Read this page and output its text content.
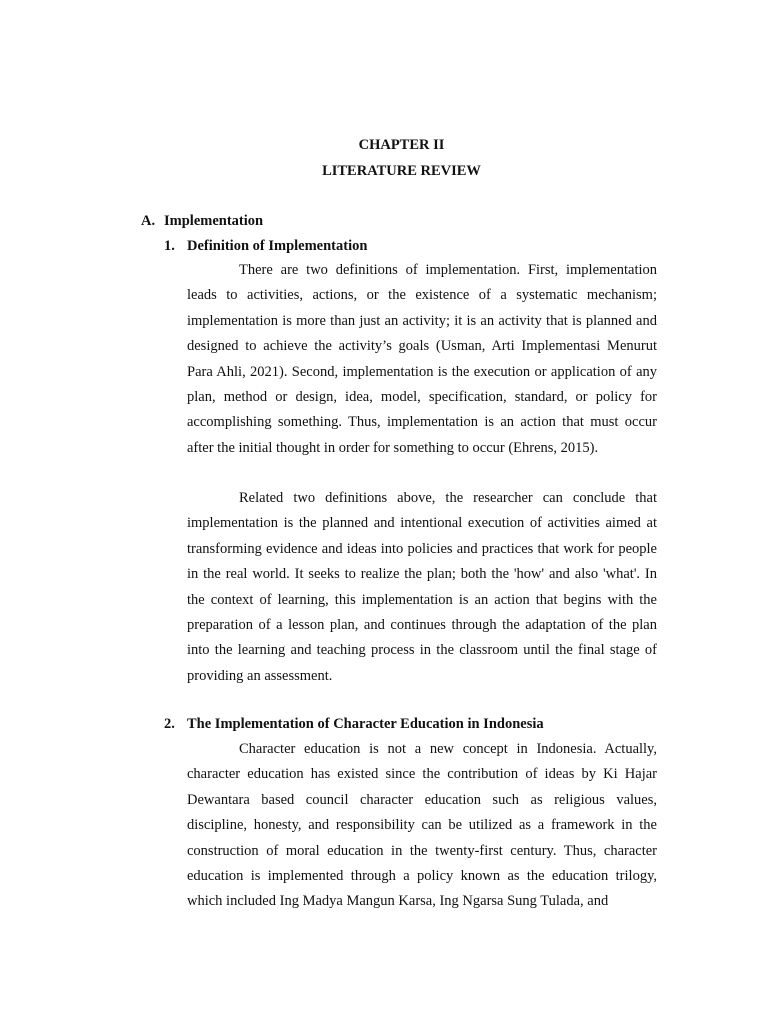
CHAPTER II
LITERATURE REVIEW
A. Implementation
1. Definition of Implementation

There are two definitions of implementation. First, implementation leads to activities, actions, or the existence of a systematic mechanism; implementation is more than just an activity; it is an activity that is planned and designed to achieve the activity’s goals (Usman, Arti Implementasi Menurut Para Ahli, 2021). Second, implementation is the execution or application of any plan, method or design, idea, model, specification, standard, or policy for accomplishing something. Thus, implementation is an action that must occur after the initial thought in order for something to occur (Ehrens, 2015).

Related two definitions above, the researcher can conclude that implementation is the planned and intentional execution of activities aimed at transforming evidence and ideas into policies and practices that work for people in the real world. It seeks to realize the plan; both the 'how' and also 'what'. In the context of learning, this implementation is an action that begins with the preparation of a lesson plan, and continues through the adaptation of the plan into the learning and teaching process in the classroom until the final stage of providing an assessment.

2. The Implementation of Character Education in Indonesia

Character education is not a new concept in Indonesia. Actually, character education has existed since the contribution of ideas by Ki Hajar Dewantara based council character education such as religious values, discipline, honesty, and responsibility can be utilized as a framework in the construction of moral education in the twenty-first century. Thus, character education is implemented through a policy known as the education trilogy, which included Ing Madya Mangun Karsa, Ing Ngarsa Sung Tulada, and
